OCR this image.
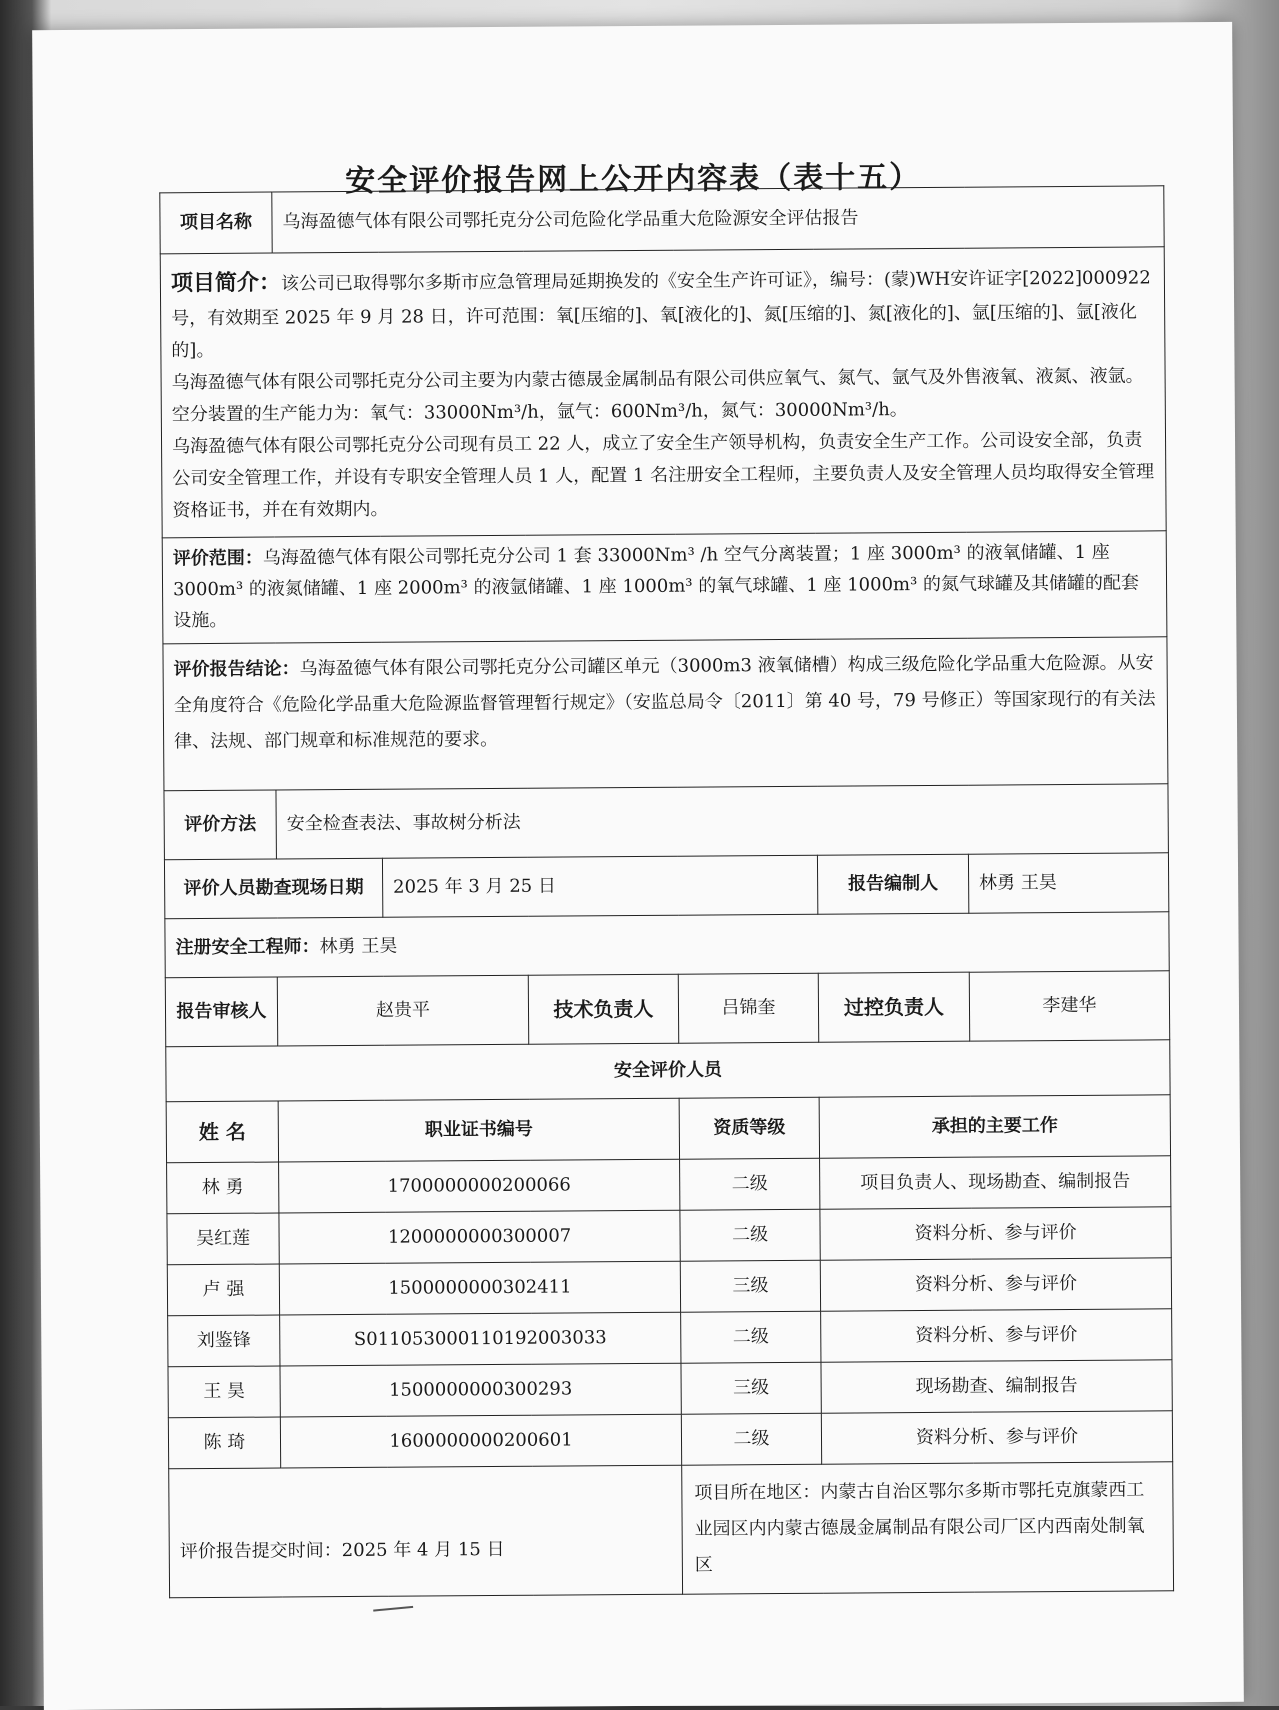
安全评价报告网上公开内容表（表十五）
项目名称	乌海盈德气体有限公司鄂托克分公司危险化学品重大危险源安全评估报告					

项目简介：该公司已取得鄂尔多斯市应急管理局延期换发的《安全生产许可证》，编号：(蒙)WH安许证字[2022]000922 号，有效期至 2025 年 9 月 28 日，许可范围：氧[压缩的]、氧[液化的]、氮[压缩的]、氮[液化的]、氩[压缩的]、氩[液化的]。

乌海盈德气体有限公司鄂托克分公司主要为内蒙古德晟金属制品有限公司供应氧气、氮气、氩气及外售液氧、液氮、液氩。空分装置的生产能力为：氧气：33000Nm³/h，氩气：600Nm³/h，氮气：30000Nm³/h。

乌海盈德气体有限公司鄂托克分公司现有员工 22 人，成立了安全生产领导机构，负责安全生产工作。公司设安全部，负责公司安全管理工作，并设有专职安全管理人员 1 人，配置 1 名注册安全工程师，主要负责人及安全管理人员均取得安全管理资格证书，并在有效期内。						

评价范围：乌海盈德气体有限公司鄂托克分公司 1 套 33000Nm³ /h 空气分离装置；1 座 3000m³ 的液氧储罐、1 座 3000m³ 的液氮储罐、1 座 2000m³ 的液氩储罐、1 座 1000m³ 的氧气球罐、1 座 1000m³ 的氮气球罐及其储罐的配套设施。						
评价报告结论：乌海盈德气体有限公司鄂托克分公司罐区单元（3000m3 液氧储槽）构成三级危险化学品重大危险源。从安全角度符合《危险化学品重大危险源监督管理暂行规定》（安监总局令〔2011〕第 40 号，79 号修正）等国家现行的有关法律、法规、部门规章和标准规范的要求。						
评价方法	安全检查表法、事故树分析法					
评价人员勘查现场日期		2025 年 3 月 25 日			报告编制人	林勇 王昊
注册安全工程师：林勇 王昊						
报告审核人	赵贵平		技术负责人	吕锦奎	过控负责人	李建华
安全评价人员						
姓 名	职业证书编号			资质等级	承担的主要工作	
林 勇	1700000000200066			二级	项目负责人、现场勘查、编制报告	
吴红莲	1200000000300007			二级	资料分析、参与评价	
卢 强	1500000000302411			三级	资料分析、参与评价	
刘鉴锋	S011053000110192003033			二级	资料分析、参与评价	
王 昊	1500000000300293			三级	现场勘查、编制报告	
陈 琦	1600000000200601			二级	资料分析、参与评价	
评价报告提交时间：2025 年 4 月 15 日				项目所在地区：内蒙古自治区鄂尔多斯市鄂托克旗蒙西工业园区内内蒙古德晟金属制品有限公司厂区内西南处制氧区		
